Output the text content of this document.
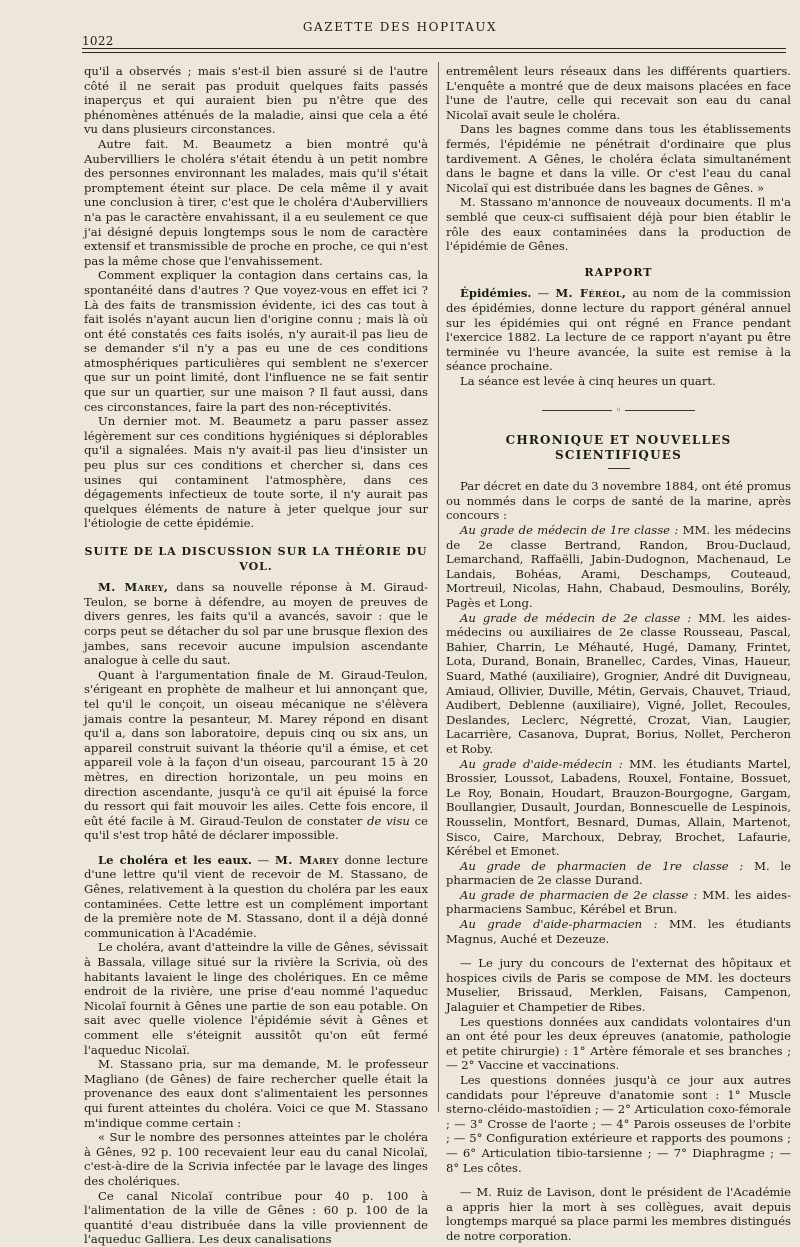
1022
GAZETTE DES HOPITAUX

qu'il a observés ; mais s'est-il bien assuré si de l'autre côté il ne serait pas produit quelques faits passés inaperçus et qui auraient bien pu n'être que des phénomènes atténués de la maladie, ainsi que cela a été vu dans plusieurs circonstances.

Autre fait. M. Beaumetz a bien montré qu'à Aubervilliers le choléra s'était étendu à un petit nombre des personnes environnant les malades, mais qu'il s'était promptement éteint sur place. De cela même il y avait une conclusion à tirer, c'est que le choléra d'Aubervilliers n'a pas le caractère envahissant, il a eu seulement ce que j'ai désigné depuis longtemps sous le nom de caractère extensif et transmissible de proche en proche, ce qui n'est pas la même chose que l'envahissement.

Comment expliquer la contagion dans certains cas, la spontanéité dans d'autres ? Que voyez-vous en effet ici ? Là des faits de transmission évidente, ici des cas tout à fait isolés n'ayant aucun lien d'origine connu ; mais là où ont été constatés ces faits isolés, n'y aurait-il pas lieu de se demander s'il n'y a pas eu une de ces conditions atmosphériques particulières qui semblent ne s'exercer que sur un point limité, dont l'influence ne se fait sentir que sur un quartier, sur une maison ? Il faut aussi, dans ces circonstances, faire la part des non-réceptivités.

Un dernier mot. M. Beaumetz a paru passer assez légèrement sur ces conditions hygiéniques si déplorables qu'il a signalées. Mais n'y avait-il pas lieu d'insister un peu plus sur ces conditions et chercher si, dans ces usines qui contaminent l'atmosphère, dans ces dégagements infectieux de toute sorte, il n'y aurait pas quelques éléments de nature à jeter quelque jour sur l'étiologie de cette épidémie.

SUITE DE LA DISCUSSION SUR LA THÉORIE DU VOL.

M. Marey, dans sa nouvelle réponse à M. Giraud-Teulon, se borne à défendre, au moyen de preuves de divers genres, les faits qu'il a avancés, savoir : que le corps peut se détacher du sol par une brusque flexion des jambes, sans recevoir aucune impulsion ascendante analogue à celle du saut.

Quant à l'argumentation finale de M. Giraud-Teulon, s'érigeant en prophète de malheur et lui annonçant que, tel qu'il le conçoit, un oiseau mécanique ne s'élèvera jamais contre la pesanteur, M. Marey répond en disant qu'il a, dans son laboratoire, depuis cinq ou six ans, un appareil construit suivant la théorie qu'il a émise, et cet appareil vole à la façon d'un oiseau, parcourant 15 à 20 mètres, en direction horizontale, un peu moins en direction ascendante, jusqu'à ce qu'il ait épuisé la force du ressort qui fait mouvoir les ailes. Cette fois encore, il eût été facile à M. Giraud-Teulon de constater de visu ce qu'il s'est trop hâté de déclarer impossible.

Le choléra et les eaux. — M. Marey donne lecture d'une lettre qu'il vient de recevoir de M. Stassano, de Gênes, relativement à la question du choléra par les eaux contaminées. Cette lettre est un complément important de la première note de M. Stassano, dont il a déjà donné communication à l'Académie.

Le choléra, avant d'atteindre la ville de Gênes, sévissait à Bassala, village situé sur la rivière la Scrivia, où des habitants lavaient le linge des cholériques. En ce même endroit de la rivière, une prise d'eau nommé l'aqueduc Nicolaï fournit à Gênes une partie de son eau potable. On sait avec quelle violence l'épidémie sévit à Gênes et comment elle s'éteignit aussitôt qu'on eût fermé l'aqueduc Nicolaï.

M. Stassano pria, sur ma demande, M. le professeur Magliano (de Gênes) de faire rechercher quelle était la provenance des eaux dont s'alimentaient les personnes qui furent atteintes du choléra. Voici ce que M. Stassano m'indique comme certain :

« Sur le nombre des personnes atteintes par le choléra à Gênes, 92 p. 100 recevaient leur eau du canal Nicolaï, c'est-à-dire de la Scrivia infectée par le lavage des linges des cholériques.

Ce canal Nicolaï contribue pour 40 p. 100 à l'alimentation de la ville de Gênes : 60 p. 100 de la quantité d'eau distribuée dans la ville proviennent de l'aqueduc Galliera. Les deux canalisations

entremêlent leurs réseaux dans les différents quartiers. L'enquête a montré que de deux maisons placées en face l'une de l'autre, celle qui recevait son eau du canal Nicolaï avait seule le choléra.

Dans les bagnes comme dans tous les établissements fermés, l'épidémie ne pénétrait d'ordinaire que plus tardivement. A Gênes, le choléra éclata simultanément dans le bagne et dans la ville. Or c'est l'eau du canal Nicolaï qui est distribuée dans les bagnes de Gênes. »

M. Stassano m'annonce de nouveaux documents. Il m'a semblé que ceux-ci suffisaient déjà pour bien établir le rôle des eaux contaminées dans la production de l'épidémie de Gênes.

RAPPORT

Épidémies. — M. Féréol, au nom de la commission des épidémies, donne lecture du rapport général annuel sur les épidémies qui ont régné en France pendant l'exercice 1882. La lecture de ce rapport n'ayant pu être terminée vu l'heure avancée, la suite est remise à la séance prochaine.

La séance est levée à cinq heures un quart.

◦
CHRONIQUE ET NOUVELLES SCIENTIFIQUES

Par décret en date du 3 novembre 1884, ont été promus ou nommés dans le corps de santé de la marine, après concours :

Au grade de médecin de 1re classe : MM. les médecins de 2e classe Bertrand, Randon, Brou-Duclaud, Lemarchand, Raffaëlli, Jabin-Dudognon, Machenaud, Le Landais, Bohéas, Arami, Deschamps, Couteaud, Mortreuil, Nicolas, Hahn, Chabaud, Desmoulins, Borély, Pagès et Long.

Au grade de médecin de 2e classe : MM. les aides-médecins ou auxiliaires de 2e classe Rousseau, Pascal, Bahier, Charrin, Le Méhauté, Hugé, Damany, Frintet, Lota, Durand, Bonain, Branellec, Cardes, Vinas, Haueur, Suard, Mathé (auxiliaire), Grognier, André dit Duvigneau, Amiaud, Ollivier, Duville, Métin, Gervais, Chauvet, Triaud, Audibert, Deblenne (auxiliaire), Vigné, Jollet, Recoules, Deslandes, Leclerc, Négretté, Crozat, Vian, Laugier, Lacarrière, Casanova, Duprat, Borius, Nollet, Percheron et Roby.

Au grade d'aide-médecin : MM. les étudiants Martel, Brossier, Loussot, Labadens, Rouxel, Fontaine, Bossuet, Le Roy, Bonain, Houdart, Brauzon-Bourgogne, Gargam, Boullangier, Dusault, Jourdan, Bonnescuelle de Lespinois, Rousselin, Montfort, Besnard, Dumas, Allain, Martenot, Sisco, Caire, Marchoux, Debray, Brochet, Lafaurie, Kérébel et Emonet.

Au grade de pharmacien de 1re classe : M. le pharmacien de 2e classe Durand.

Au grade de pharmacien de 2e classe : MM. les aides-pharmaciens Sambuc, Kérébel et Brun.

Au grade d'aide-pharmacien : MM. les étudiants Magnus, Auché et Dezeuze.

— Le jury du concours de l'externat des hôpitaux et hospices civils de Paris se compose de MM. les docteurs Muselier, Brissaud, Merklen, Faisans, Campenon, Jalaguier et Champetier de Ribes.

Les questions données aux candidats volontaires d'un an ont été pour les deux épreuves (anatomie, pathologie et petite chirurgie) : 1° Artère fémorale et ses branches ; — 2° Vaccine et vaccinations.

Les questions données jusqu'à ce jour aux autres candidats pour l'épreuve d'anatomie sont : 1° Muscle sterno-cléido-mastoïdien ; — 2° Articulation coxo-fémorale ; — 3° Crosse de l'aorte ; — 4° Parois osseuses de l'orbite ; — 5° Configuration extérieure et rapports des poumons ; — 6° Articulation tibio-tarsienne ; — 7° Diaphragme ; — 8° Les côtes.

— M. Ruiz de Lavison, dont le président de l'Académie a appris hier la mort à ses collègues, avait depuis longtemps marqué sa place parmi les membres distingués de notre corporation.
